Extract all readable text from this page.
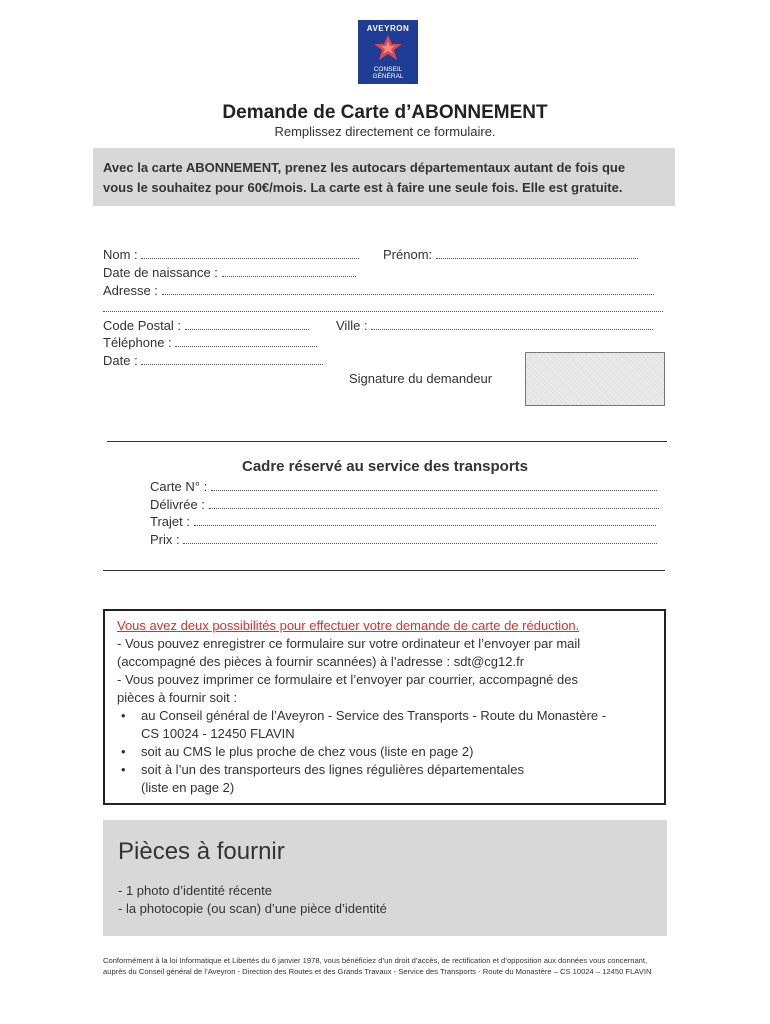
AVEYRON
CONSEIL
GÉNÉRAL
Demande de Carte d’ABONNEMENT
Remplissez directement ce formulaire.
Avec la carte ABONNEMENT, prenez les autocars départementaux autant de fois que
vous le souhaitez pour 60€/mois. La carte est à faire une seule fois. Elle est gratuite.
Nom :	Prénom:
Date de naissance :
Adresse :
Code Postal :	Ville :
Téléphone :
Date :
Signature du demandeur
Cadre réservé au service des transports
Carte N° :
Délivrée :
Trajet :
Prix :
Vous avez deux possibilités pour effectuer votre demande de carte de réduction.
- Vous pouvez enregistrer ce formulaire sur votre ordinateur et l’envoyer par mail
(accompagné des pièces à fournir scannées) à l’adresse : sdt@cg12.fr
- Vous pouvez imprimer ce formulaire et l’envoyer par courrier, accompagné des
pièces à fournir soit :
• au Conseil général de l’Aveyron - Service des Transports - Route du Monastère -
CS 10024 - 12450 FLAVIN
• soit au CMS le plus proche de chez vous (liste en page 2)
• soit à l’un des transporteurs des lignes régulières départementales
(liste en page 2)
Pièces à fournir
- 1 photo d’identité récente
- la photocopie (ou scan) d’une pièce d’identité
Conformément à la loi Informatique et Libertés du 6 janvier 1978, vous bénéficiez d’un droit d’accès, de rectification et d’opposition aux données vous concernant, auprès du Conseil général de l’Aveyron - Direction des Routes et des Grands Travaux - Service des Transports - Route du Monastère – CS 10024 – 12450 FLAVIN
